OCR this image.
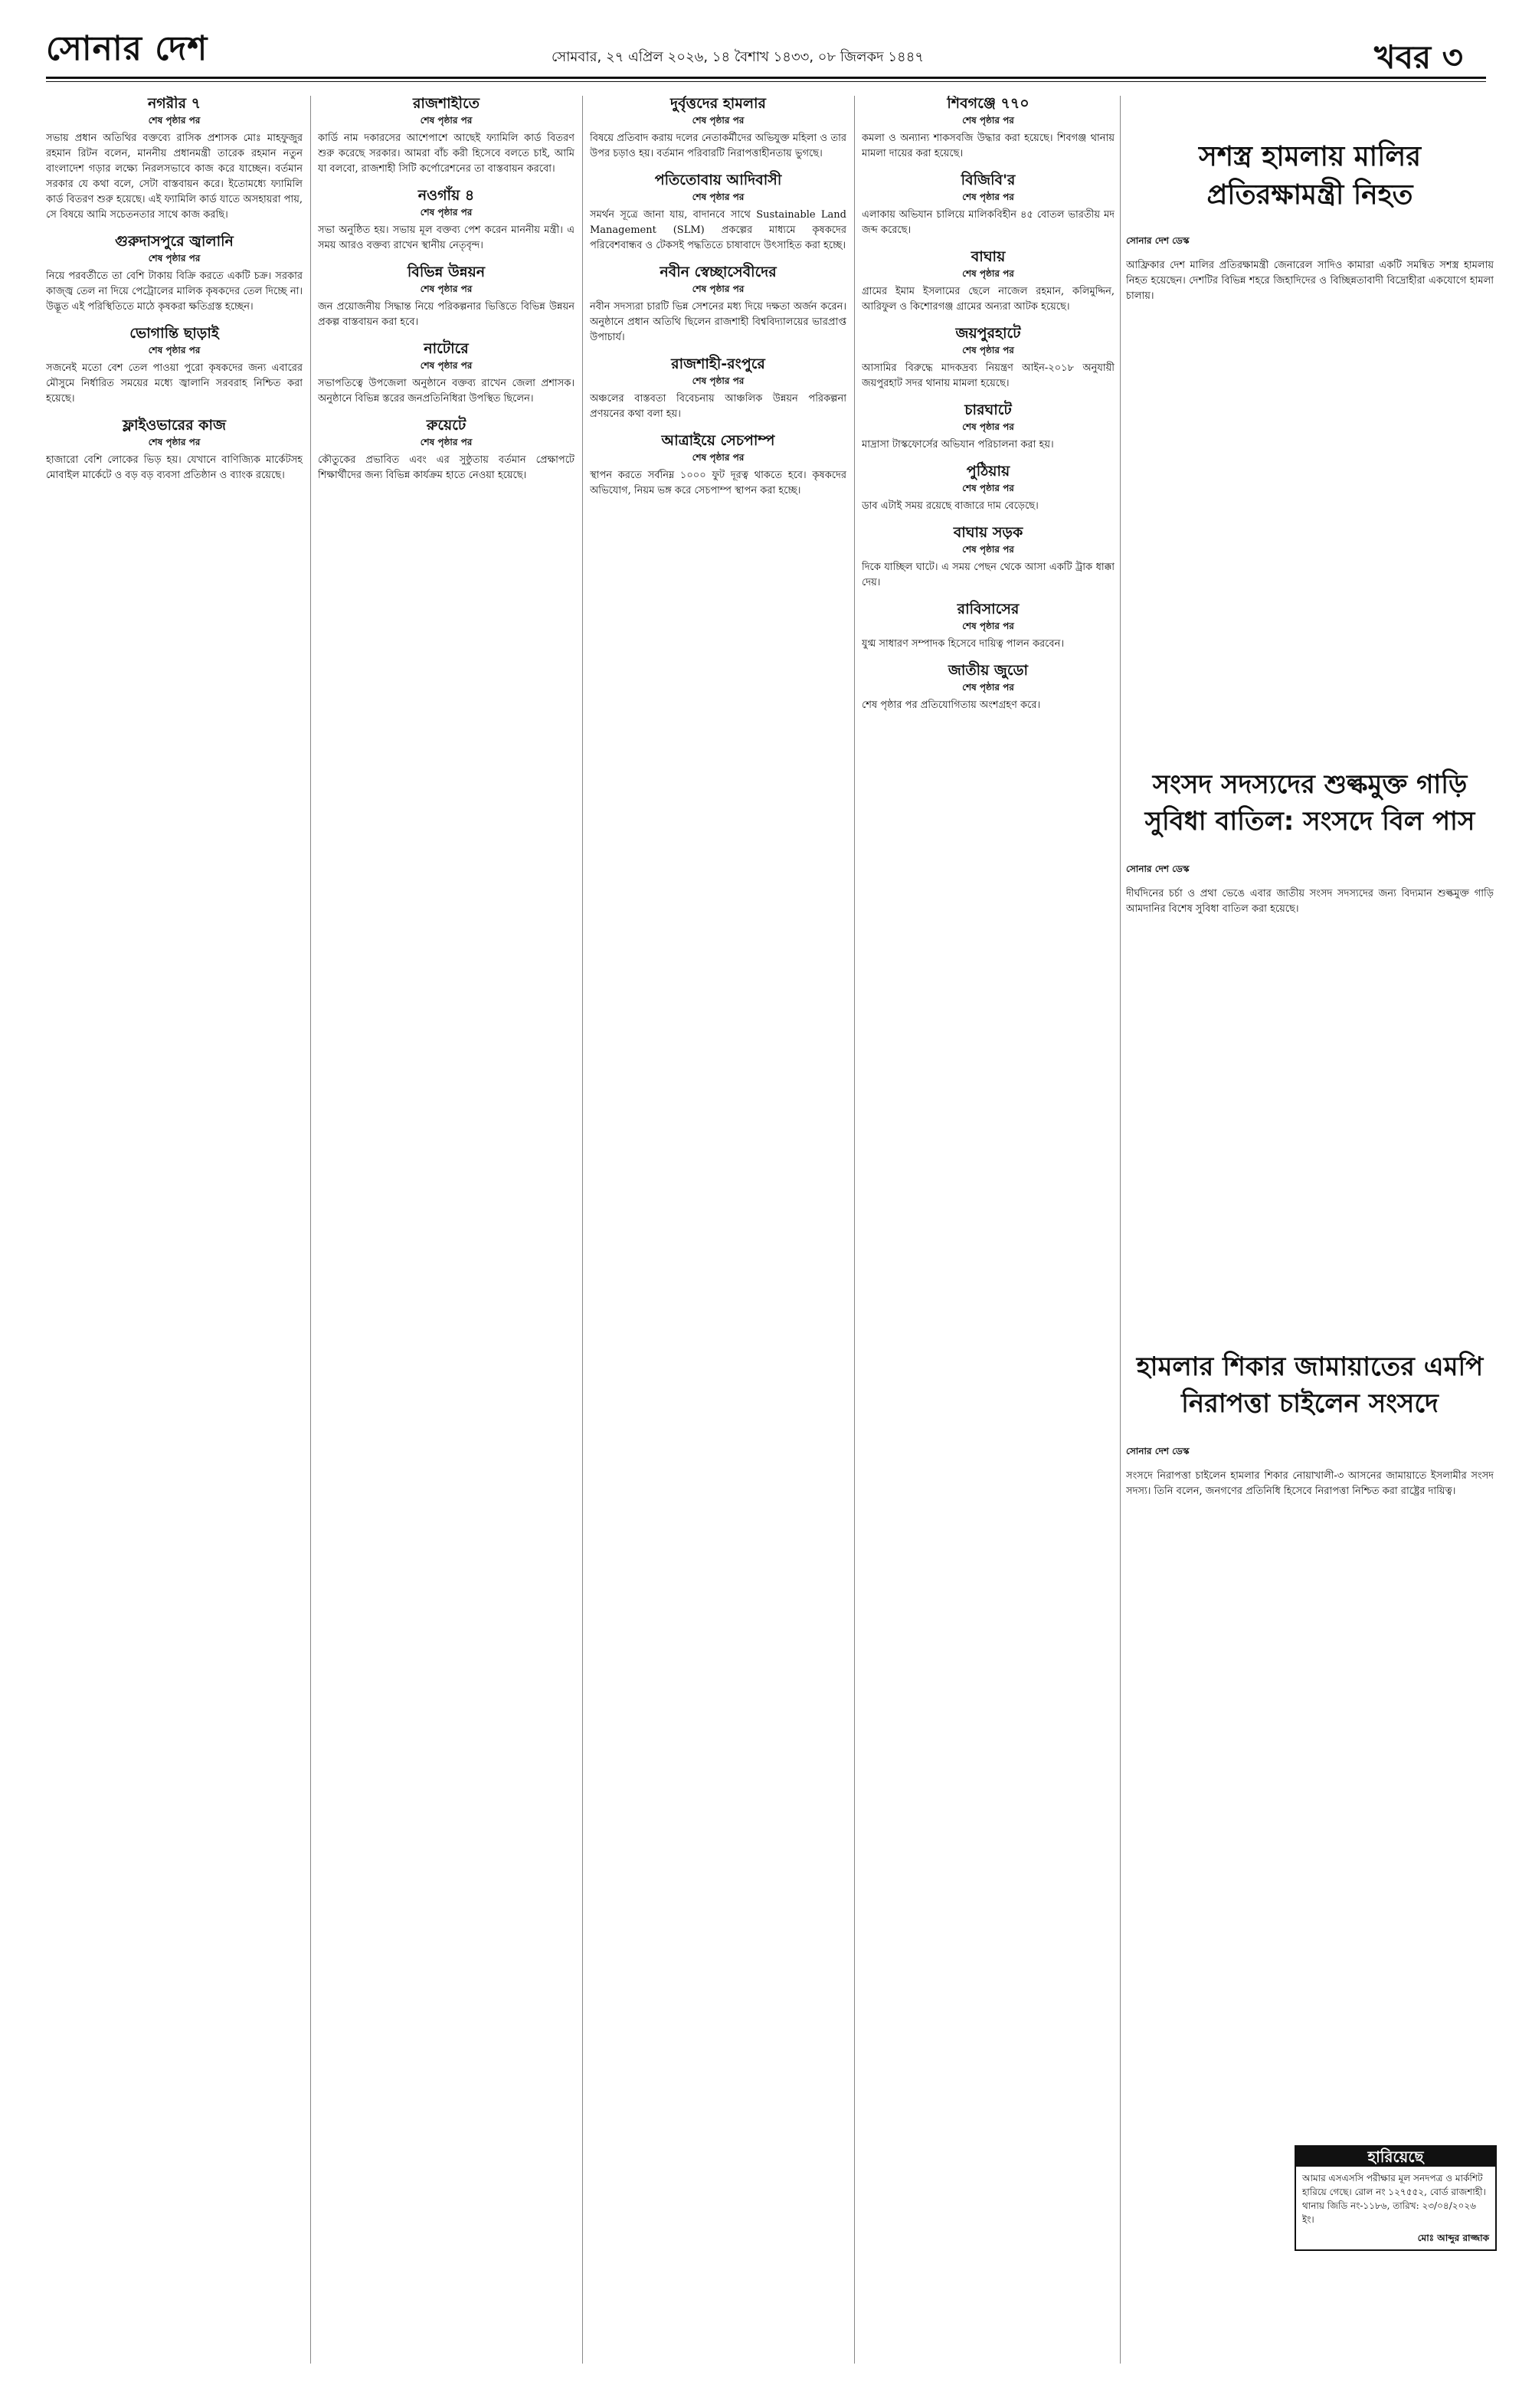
সোনার দেশ	সোমবার, ২৭ এপ্রিল ২০২৬, ১৪ বৈশাখ ১৪৩৩, ০৮ জিলকদ ১৪৪৭	খবর ৩
নগরীর ৭
শেষ পৃষ্ঠার পর

সভায় প্রধান অতিথির বক্তব্যে রাসিক প্রশাসক মোঃ মাহফুজুর রহমান রিটন বলেন, মাননীয় প্রধানমন্ত্রী তারেক রহমান নতুন বাংলাদেশ গড়ার লক্ষ্যে নিরলসভাবে কাজ করে যাচ্ছেন। বর্তমান সরকার যে কথা বলে, সেটা বাস্তবায়ন করে। ইতোমধ্যে ফ্যামিলি কার্ড বিতরণ শুরু হয়েছে। এই ফ্যামিলি কার্ড যাতে অসহায়রা পায়, সে বিষয়ে আমি সচেতনতার সাথে কাজ করছি।

গুরুদাসপুরে জ্বালানি
শেষ পৃষ্ঠার পর

নিয়ে পরবর্তীতে তা বেশি টাকায় বিক্রি করতে একটি চক্র। সরকার কাজ্জ্ব তেল না দিয়ে পেট্রোলের মালিক কৃষকদের তেল দিচ্ছে না। উদ্ভূত এই পরিস্থিতিতে মাঠে কৃষকরা ক্ষতিগ্রস্ত হচ্ছেন।

ভোগান্তি ছাড়াই
শেষ পৃষ্ঠার পর

সজনেই মতো বেশ তেল পাওয়া পুরো কৃষকদের জন্য এবারের মৌসুমে নির্ধারিত সময়ের মধ্যে জ্বালানি সরবরাহ নিশ্চিত করা হয়েছে।

ফ্লাইওভারের কাজ
শেষ পৃষ্ঠার পর

হাজারো বেশি লোকের ভিড় হয়। যেখানে বাণিজ্যিক মার্কেটসহ মোবাইল মার্কেটে ও বড় বড় ব্যবসা প্রতিষ্ঠান ও ব্যাংক রয়েছে।

রাজশাহীতে
শেষ পৃষ্ঠার পর

কার্ডি নাম দকারসের আশেপাশে আছেই ফ্যামিলি কার্ড বিতরণ শুরু করেছে সরকার। আমরা বাঁচ করী হিসেবে বলতে চাই, আমি যা বলবো, রাজশাহী সিটি কর্পোরেশনের তা বাস্তবায়ন করবো।

নওগাঁয় ৪
শেষ পৃষ্ঠার পর

সভা অনুষ্ঠিত হয়। সভায় মূল বক্তব্য পেশ করেন মাননীয় মন্ত্রী। এ সময় আরও বক্তব্য রাখেন স্থানীয় নেতৃবৃন্দ।

বিভিন্ন উন্নয়ন
শেষ পৃষ্ঠার পর

জন প্রয়োজনীয় সিদ্ধান্ত নিয়ে পরিকল্পনার ভিত্তিতে বিভিন্ন উন্নয়ন প্রকল্প বাস্তবায়ন করা হবে।

নাটোরে
শেষ পৃষ্ঠার পর

সভাপতিত্বে উপজেলা অনুষ্ঠানে বক্তব্য রাখেন জেলা প্রশাসক। অনুষ্ঠানে বিভিন্ন স্তরের জনপ্রতিনিধিরা উপস্থিত ছিলেন।

রুয়েটে
শেষ পৃষ্ঠার পর

কৌতুকের প্রভাবিত এবং এর সুষ্ঠুতায় বর্তমান প্রেক্ষাপটে শিক্ষার্থীদের জন্য বিভিন্ন কার্যক্রম হাতে নেওয়া হয়েছে।

দুর্বৃত্তদের হামলার
শেষ পৃষ্ঠার পর

বিষয়ে প্রতিবাদ করায় দলের নেতাকর্মীদের অভিযুক্ত মহিলা ও তার উপর চড়াও হয়। বর্তমান পরিবারটি নিরাপত্তাহীনতায় ভুগছে।

পতিতোবায় আদিবাসী
শেষ পৃষ্ঠার পর

সমর্থন সূত্রে জানা যায়, বাদানবে সাথে Sustainable Land Management (SLM) প্রকল্পের মাধ্যমে কৃষকদের পরিবেশবান্ধব ও টেকসই পদ্ধতিতে চাষাবাদে উৎসাহিত করা হচ্ছে।

নবীন স্বেচ্ছাসেবীদের
শেষ পৃষ্ঠার পর

নবীন সদস্যরা চারটি ভিন্ন সেশনের মধ্য দিয়ে দক্ষতা অর্জন করেন। অনুষ্ঠানে প্রধান অতিথি ছিলেন রাজশাহী বিশ্ববিদ্যালয়ের ভারপ্রাপ্ত উপাচার্য।

রাজশাহী-রংপুরে
শেষ পৃষ্ঠার পর

অঞ্চলের বাস্তবতা বিবেচনায় আঞ্চলিক উন্নয়ন পরিকল্পনা প্রণয়নের কথা বলা হয়।

আত্রাইয়ে সেচপাম্প
শেষ পৃষ্ঠার পর

স্থাপন করতে সর্বনিম্ন ১০০০ ফুট দূরত্ব থাকতে হবে। কৃষকদের অভিযোগ, নিয়ম ভঙ্গ করে সেচপাম্প স্থাপন করা হচ্ছে।

শিবগঞ্জে ৭৭০
শেষ পৃষ্ঠার পর

কমলা ও অন্যান্য শাকসবজি উদ্ধার করা হয়েছে। শিবগঞ্জ থানায় মামলা দায়ের করা হয়েছে।

বিজিবি'র
শেষ পৃষ্ঠার পর

এলাকায় অভিযান চালিয়ে মালিকবিহীন ৪৫ বোতল ভারতীয় মদ জব্দ করেছে।

বাঘায়
শেষ পৃষ্ঠার পর

গ্রামের ইমাম ইসলামের ছেলে নাজেল রহমান, কলিমুদ্দিন, আরিফুল ও কিশোরগঞ্জ গ্রামের অন্যরা আটক হয়েছে।

জয়পুরহাটে
শেষ পৃষ্ঠার পর

আসামির বিরুদ্ধে মাদকদ্রব্য নিয়ন্ত্রণ আইন-২০১৮ অনুযায়ী জয়পুরহাট সদর থানায় মামলা হয়েছে।

চারঘাটে
শেষ পৃষ্ঠার পর

মাদ্রাসা টাস্কফোর্সের অভিযান পরিচালনা করা হয়।

পুঠিয়ায়
শেষ পৃষ্ঠার পর

ডাব এটাই সময় রয়েছে বাজারে দাম বেড়েছে।

বাঘায় সড়ক
শেষ পৃষ্ঠার পর

দিকে যাচ্ছিল ঘাটে। এ সময় পেছন থেকে আসা একটি ট্রাক ধাক্কা দেয়।

রাবিসাসের
শেষ পৃষ্ঠার পর

যুগ্ম সাধারণ সম্পাদক হিসেবে দায়িত্ব পালন করবেন।

জাতীয় জুডো
শেষ পৃষ্ঠার পর

শেষ পৃষ্ঠার পর প্রতিযোগিতায় অংশগ্রহণ করে।

সশস্ত্র হামলায় মালির প্রতিরক্ষামন্ত্রী নিহত
সোনার দেশ ডেস্ক

আফ্রিকার দেশ মালির প্রতিরক্ষামন্ত্রী জেনারেল সাদিও কামারা একটি সমন্বিত সশস্ত্র হামলায় নিহত হয়েছেন। দেশটির বিভিন্ন শহরে জিহাদিদের ও বিচ্ছিন্নতাবাদী বিদ্রোহীরা একযোগে হামলা চালায়।

সংসদ সদস্যদের শুল্কমুক্ত গাড়ি সুবিধা বাতিল: সংসদে বিল পাস
সোনার দেশ ডেস্ক

দীর্ঘদিনের চর্চা ও প্রথা ভেঙে এবার জাতীয় সংসদ সদস্যদের জন্য বিদ্যমান শুল্কমুক্ত গাড়ি আমদানির বিশেষ সুবিধা বাতিল করা হয়েছে।

হামলার শিকার জামায়াতের এমপি নিরাপত্তা চাইলেন সংসদে
সোনার দেশ ডেস্ক

সংসদে নিরাপত্তা চাইলেন হামলার শিকার নোয়াখালী-৩ আসনের জামায়াতে ইসলামীর সংসদ সদস্য। তিনি বলেন, জনগণের প্রতিনিধি হিসেবে নিরাপত্তা নিশ্চিত করা রাষ্ট্রের দায়িত্ব।

হারিয়েছে

আমার এসএসসি পরীক্ষার মূল সনদপত্র ও মার্কশিট হারিয়ে গেছে। রোল নং ১২৭৫৫২, বোর্ড রাজশাহী। থানায় জিডি নং-১১৮৬, তারিখ: ২৩/০৪/২০২৬ ইং।

মোঃ আব্দুর রাজ্জাক
